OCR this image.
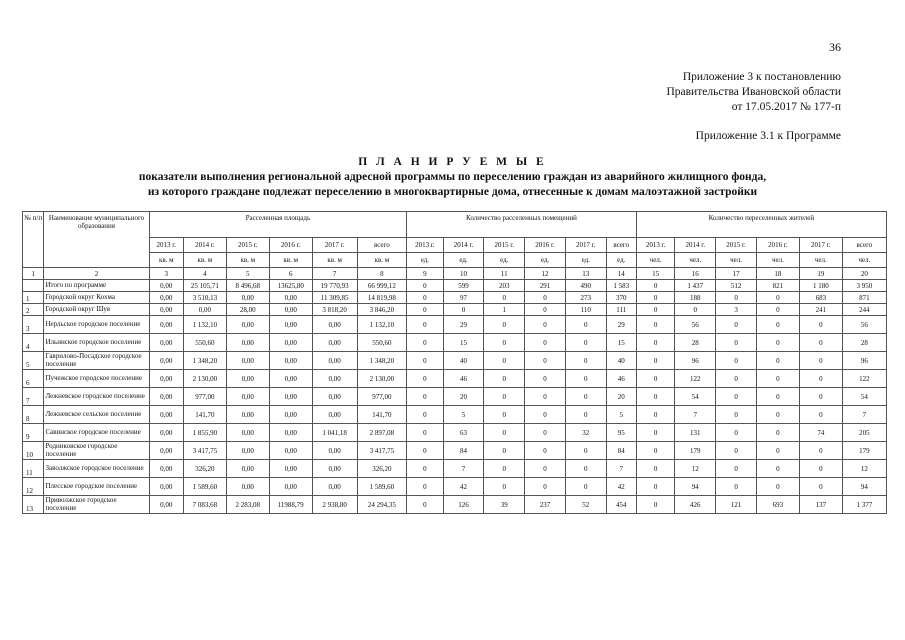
36
Приложение 3 к постановлению
Правительства Ивановской области
от 17.05.2017 № 177-п
Приложение 3.1 к Программе
П Л А Н И Р У Е М Ы Е
показатели выполнения региональной адресной программы по переселению граждан из аварийного жилищного фонда,
из которого граждане подлежат переселению в многоквартирные дома, отнесенные к домам малоэтажной застройки
№ п/п	Наименование муниципального образования	Расселенная площадь						Количество расселенных помещений						Количество переселенных жителей					
		2013 г.	2014 г.	2015 г.	2016 г.	2017 г.	всего	2013 г.	2014 г.	2015 г.	2016 г.	2017 г.	всего	2013 г.	2014 г.	2015 г.	2016 г.	2017 г.	всего
		кв. м	кв. м	кв. м	кв. м	кв. м	кв. м	ед.	ед.	ед.	ед.	ед.	ед.	чел.	чел.	чел.	чел.	чел.	чел.
1	2	3	4	5	6	7	8	9	10	11	12	13	14	15	16	17	18	19	20
	Итого по программе	0,00	25 105,71	8 496,68	13625,80	19 770,93	66 999,12	0	599	203	291	490	1 583	0	1 437	512	821	1 180	3 950
1	Городской округ Кохма	0,00	3 510,13	0,00	0,00	11 309,85	14 819,98	0	97	0	0	273	370	0	188	0	0	683	871
2	Городской округ Шуя	0,00	0,00	28,00	0,00	3 818,20	3 846,20	0	0	1	0	110	111	0	0	3	0	241	244
3	Нерльское городское поселение	0,00	1 132,10	0,00	0,00	0,00	1 132,10	0	29	0	0	0	29	0	56	0	0	0	56
4	Ильинское городское поселение	0,00	550,60	0,00	0,00	0,00	550,60	0	15	0	0	0	15	0	28	0	0	0	28
5	Гаврилово-Посадское городское поселение	0,00	1 348,20	0,00	0,00	0,00	1 348,20	0	40	0	0	0	40	0	96	0	0	0	96
6	Пучежское городское поселение	0,00	2 130,00	0,00	0,00	0,00	2 130,00	0	46	0	0	0	46	0	122	0	0	0	122
7	Лежневское городское поселение	0,00	977,00	0,00	0,00	0,00	977,00	0	20	0	0	0	20	0	54	0	0	0	54
8	Лежневское сельское поселение	0,00	141,70	0,00	0,00	0,00	141,70	0	5	0	0	0	5	0	7	0	0	0	7
9	Савинское городское поселение	0,00	1 855,90	0,00	0,00	1 041,18	2 897,08	0	63	0	0	32	95	0	131	0	0	74	205
10	Родниковское городское поселение	0,00	3 417,75	0,00	0,00	0,00	3 417,75	0	84	0	0	0	84	0	179	0	0	0	179
11	Заволжское городское поселение	0,00	326,20	0,00	0,00	0,00	326,20	0	7	0	0	0	7	0	12	0	0	0	12
12	Плесское городское поселение	0,00	1 589,60	0,00	0,00	0,00	1 589,60	0	42	0	0	0	42	0	94	0	0	0	94
13	Приволжское городское поселение	0,00	7 083,68	2 283,08	11988,79	2 938,80	24 294,35	0	126	39	237	52	454	0	426	121	693	137	1 377
